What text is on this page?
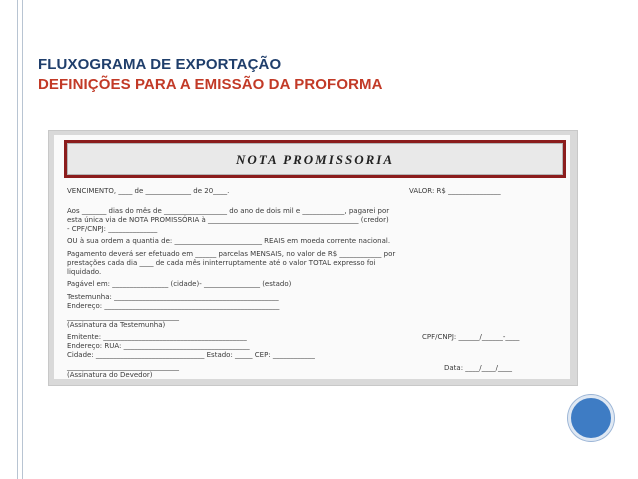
FLUXOGRAMA DE EXPORTAÇÃO
DEFINIÇÕES PARA A EMISSÃO DA PROFORMA
NOTA PROMISSORIA
VENCIMENTO, ____ de _____________ de 20____.	VALOR: R$ _______________
Aos _______ dias do mês de __________________ do ano de dois mil e ____________, pagarei por
esta única via de NOTA PROMISSÓRIA à ___________________________________________ (credor)
- CPF/CNPJ: ______________
OU à sua ordem a quantia de: _________________________ REAIS em moeda corrente nacional.
Pagamento deverá ser efetuado em ______ parcelas MENSAIS, no valor de R$ ____________ por
prestações cada dia ____ de cada mês ininterruptamente até o valor TOTAL expresso foi
liquidado.
Pagável em: ________________ (cidade)- ________________ (estado)
Testemunha: _______________________________________________
Endereço: __________________________________________________
________________________________
(Assinatura da Testemunha)
Emitente: _________________________________________	CPF/CNPJ: ______/______-____
Endereço: RUA: ____________________________________
Cidade: _______________________________ Estado: _____ CEP: ____________
________________________________	Data: ____/____/____
(Assinatura do Devedor)
